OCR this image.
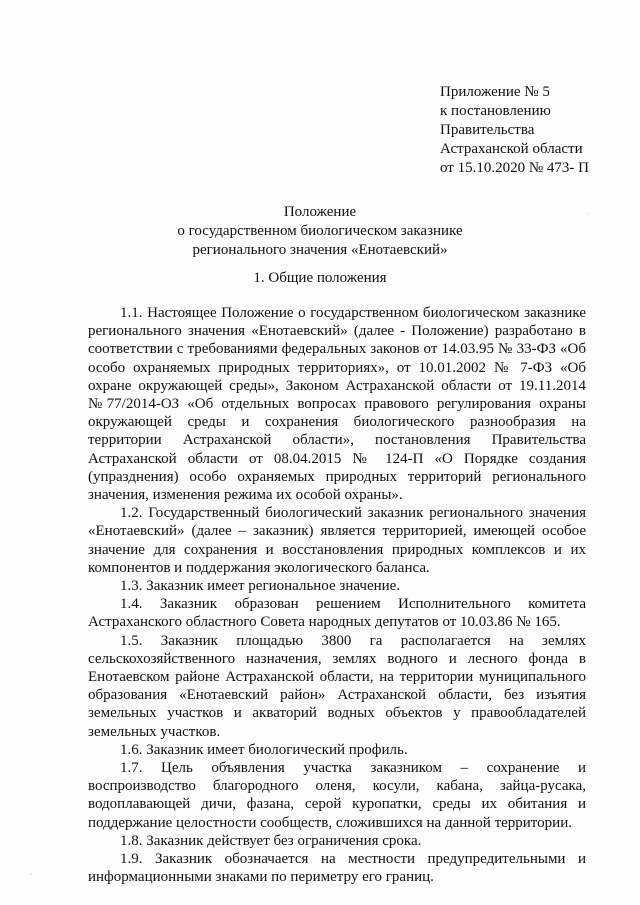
Приложение № 5
к постановлению
Правительства
Астраханской области
от 15.10.2020 № 473- П
Положение
о государственном биологическом заказнике
регионального значения «Енотаевский»
1. Общие положения

1.1. Настоящее Положение о государственном биологическом заказнике регионального значения «Енотаевский» (далее - Положение) разработано в соответствии с требованиями федеральных законов от 14.03.95 № 33-ФЗ «Об особо охраняемых природных территориях», от 10.01.2002 № 7-ФЗ «Об охране окружающей среды», Законом Астраханской области от 19.11.2014 №77/2014-ОЗ «Об отдельных вопросах правового регулирования охраны окружающей среды и сохранения биологического разнообразия на территории Астраханской области», постановления Правительства Астраханской области от 08.04.2015 № 124-П «О Порядке создания (упразднения) особо охраняемых природных территорий регионального значения, изменения режима их особой охраны».

1.2. Государственный биологический заказник регионального значения «Енотаевский» (далее – заказник) является территорией, имеющей особое значение для сохранения и восстановления природных комплексов и их компонентов и поддержания экологического баланса.

1.3. Заказник имеет региональное значение.

1.4. Заказник образован решением Исполнительного комитета Астраханского областного Совета народных депутатов от 10.03.86 № 165.

1.5. Заказник площадью 3800 га располагается на землях сельскохозяйственного назначения, землях водного и лесного фонда в Енотаевском районе Астраханской области, на территории муниципального образования «Енотаевский район» Астраханской области, без изъятия земельных участков и акваторий водных объектов у правообладателей земельных участков.

1.6. Заказник имеет биологический профиль.

1.7. Цель объявления участка заказником – сохранение и воспроизводство благородного оленя, косули, кабана, зайца-русака, водоплавающей дичи, фазана, серой куропатки, среды их обитания и поддержание целостности сообществ, сложившихся на данной территории.

1.8. Заказник действует без ограничения срока.

1.9. Заказник обозначается на местности предупредительными и информационными знаками по периметру его границ.

·
·
